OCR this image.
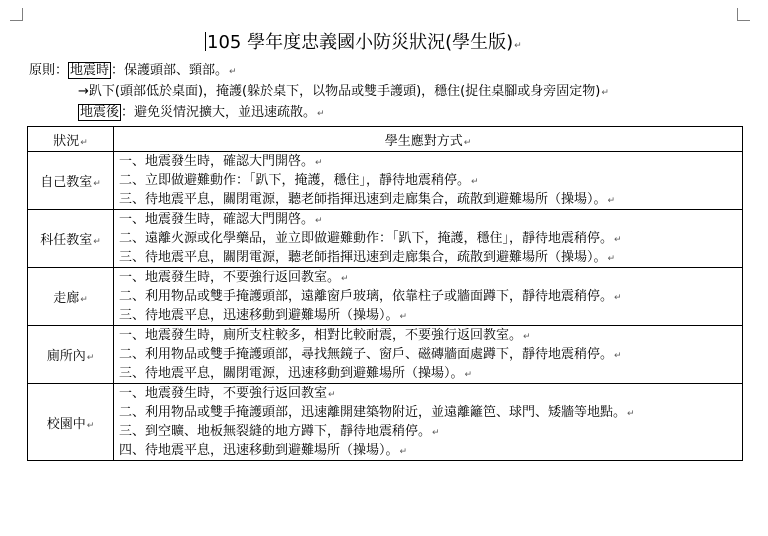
105 學年度忠義國小防災狀況(學生版)↵
原則： 地震時 ：保護頭部、頸部。↵
→趴下(頭部低於桌面)，掩護(躲於桌下，以物品或雙手護頭)，穩住(捉住桌腳或身旁固定物)↵
地震後 ：避免災情況擴大，並迅速疏散。↵
狀況↵	學生應對方式↵
自己教室↵	一、地震發生時，確認大門開啓。↵
二、立即做避難動作：「趴下，掩護，穩住」，靜待地震稍停。↵
三、待地震平息，關閉電源，聽老師指揮迅速到走廊集合，疏散到避難場所（操場）。↵

科任教室↵	一、地震發生時，確認大門開啓。↵
二、遠離火源或化學藥品，並立即做避難動作：「趴下，掩護，穩住」，靜待地震稍停。↵
三、待地震平息，關閉電源，聽老師指揮迅速到走廊集合，疏散到避難場所（操場）。↵

走廊↵	一、地震發生時，不要強行返回教室。↵
二、利用物品或雙手掩護頭部，遠離窗戶玻璃，依靠柱子或牆面蹲下，靜待地震稍停。↵
三、待地震平息，迅速移動到避難場所（操場）。↵

廁所內↵	一、地震發生時，廁所支柱較多，相對比較耐震，不要強行返回教室。↵
二、利用物品或雙手掩護頭部，尋找無鏡子、窗戶、磁磚牆面處蹲下，靜待地震稍停。↵
三、待地震平息，關閉電源，迅速移動到避難場所（操場）。↵

校園中↵	一、地震發生時，不要強行返回教室↵
二、利用物品或雙手掩護頭部，迅速離開建築物附近，並遠離籬笆、球門、矮牆等地點。↵
三、到空曠、地板無裂縫的地方蹲下，靜待地震稍停。↵
四、待地震平息，迅速移動到避難場所（操場）。↵
